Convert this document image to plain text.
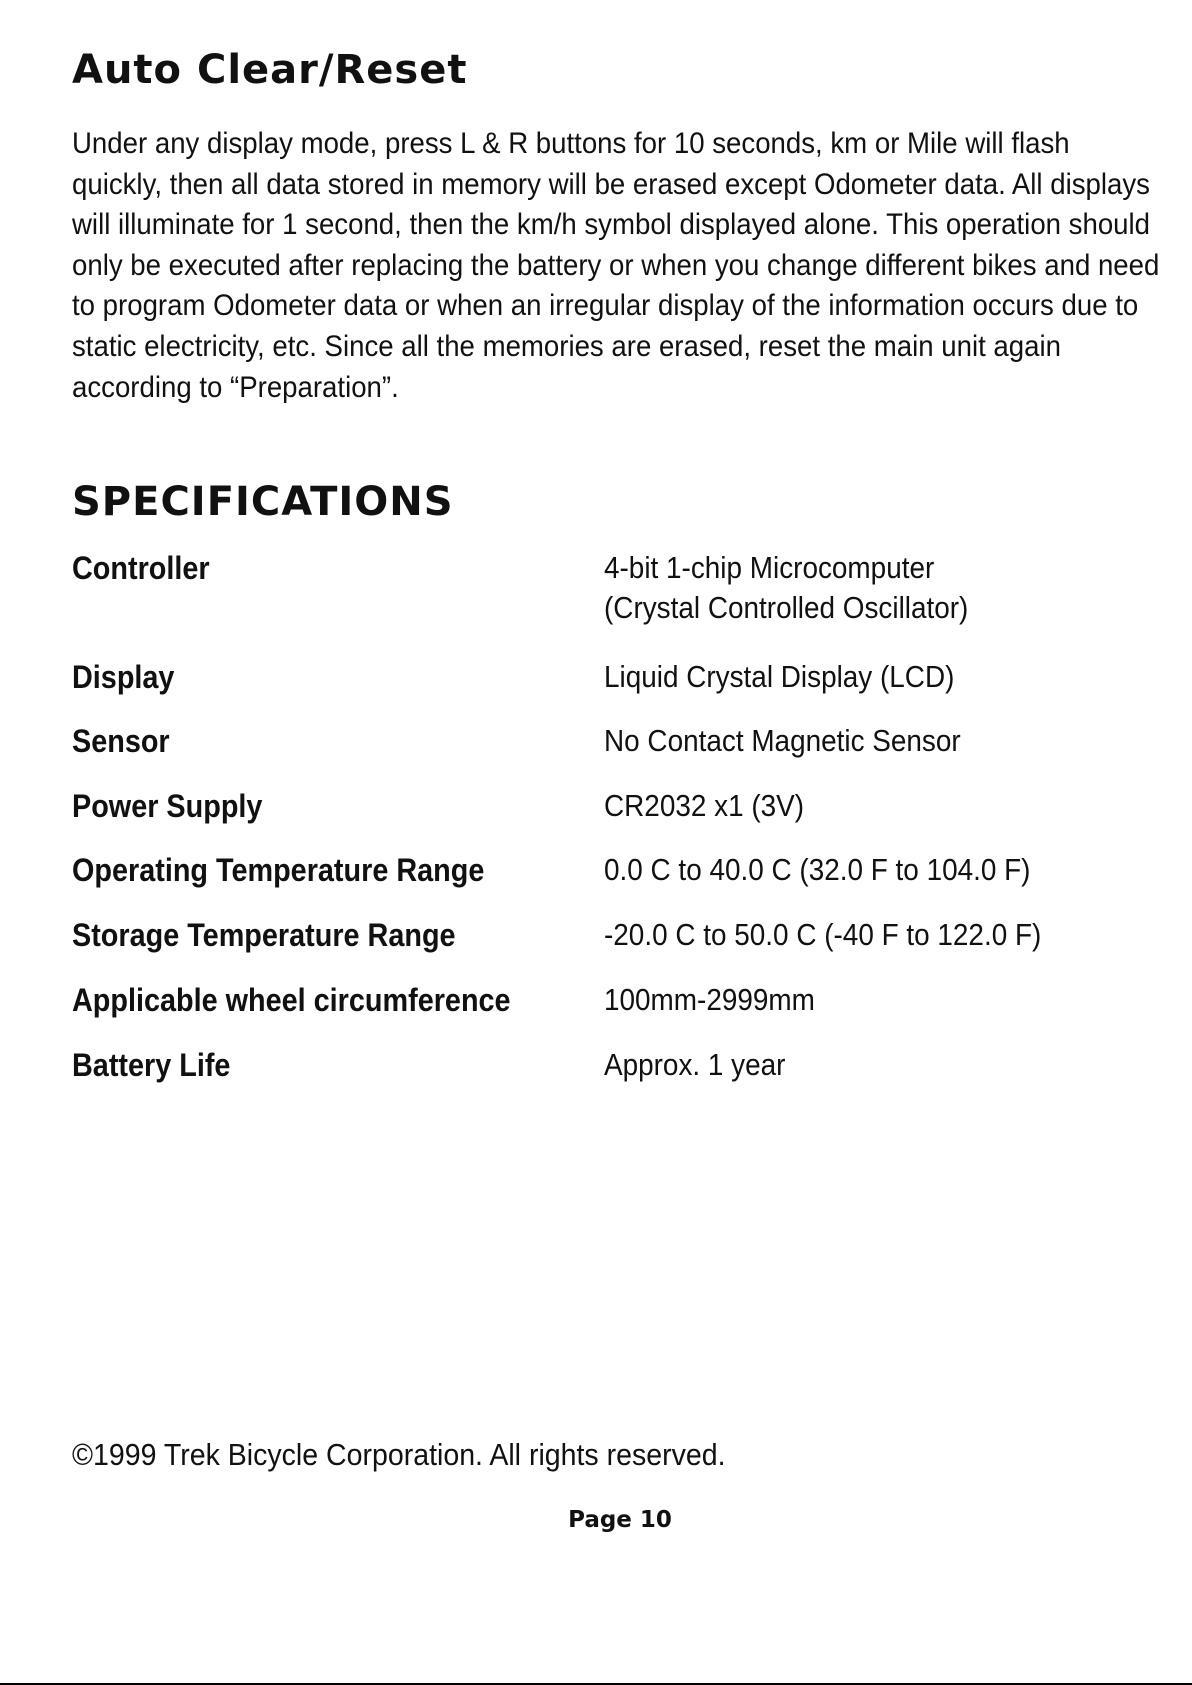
Auto Clear/Reset

Under any display mode, press L & R buttons for 10 seconds, km or Mile will flash quickly, then all data stored in memory will be erased except Odometer data. All displays will illuminate for 1 second, then the km/h symbol displayed alone. This operation should only be executed after replacing the battery or when you change different bikes and need to program Odometer data or when an irregular display of the information occurs due to static electricity, etc. Since all the memories are erased, reset the main unit again according to “Preparation”.

SPECIFICATIONS
Controller	4-bit 1-chip Microcomputer
(Crystal Controlled Oscillator)
Display	Liquid Crystal Display (LCD)
Sensor	No Contact Magnetic Sensor
Power Supply	CR2032 x1 (3V)
Operating Temperature Range	0.0 C to 40.0 C (32.0 F to 104.0 F)
Storage Temperature Range	-20.0 C to 50.0 C (-40 F to 122.0 F)
Applicable wheel circumference	100mm-2999mm
Battery Life	Approx. 1 year
©1999 Trek Bicycle Corporation. All rights reserved.
Page 10
